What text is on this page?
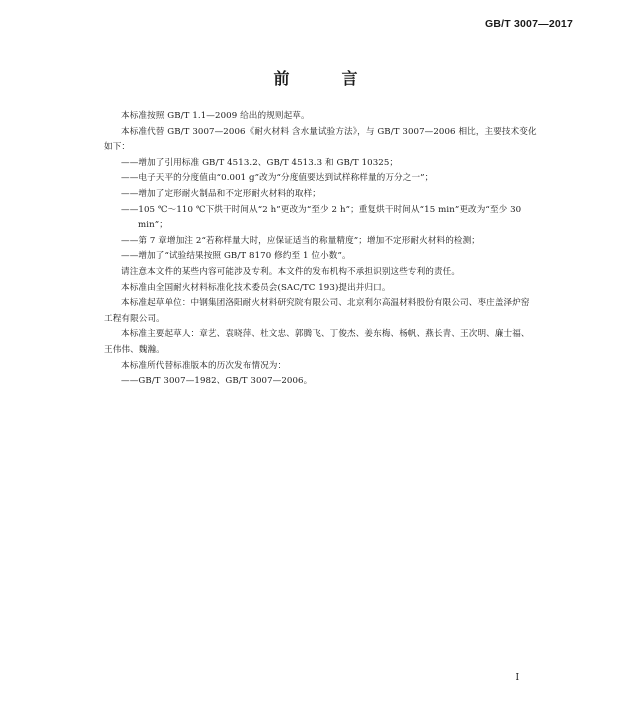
GB/T 3007—2017
前　言

本标准按照 GB/T 1.1—2009 给出的规则起草。

本标准代替 GB/T 3007—2006《耐火材料 含水量试验方法》，与 GB/T 3007—2006 相比，主要技术变化如下：

——增加了引用标准 GB/T 4513.2、GB/T 4513.3 和 GB/T 10325；

——电子天平的分度值由“0.001 g”改为“分度值要达到试样称样量的万分之一”；

——增加了定形耐火制品和不定形耐火材料的取样；

——105 ℃～110 ℃下烘干时间从“2 h”更改为“至少 2 h”；重复烘干时间从“15 min”更改为“至少 30 min”；

——第 7 章增加注 2“若称样量大时，应保证适当的称量精度”；增加不定形耐火材料的检测；

——增加了“试验结果按照 GB/T 8170 修约至 1 位小数”。

请注意本文件的某些内容可能涉及专利。本文件的发布机构不承担识别这些专利的责任。

本标准由全国耐火材料标准化技术委员会(SAC/TC 193)提出并归口。

本标准起草单位：中钢集团洛阳耐火材料研究院有限公司、北京利尔高温材料股份有限公司、枣庄盖泽炉窑工程有限公司。

本标准主要起草人：章艺、袁晓萍、杜文忠、郭腾飞、丁俊杰、姜东梅、杨帆、燕长青、王次明、廉士福、王伟伟、魏瀚。

本标准所代替标准版本的历次发布情况为：

——GB/T 3007—1982、GB/T 3007—2006。

I
